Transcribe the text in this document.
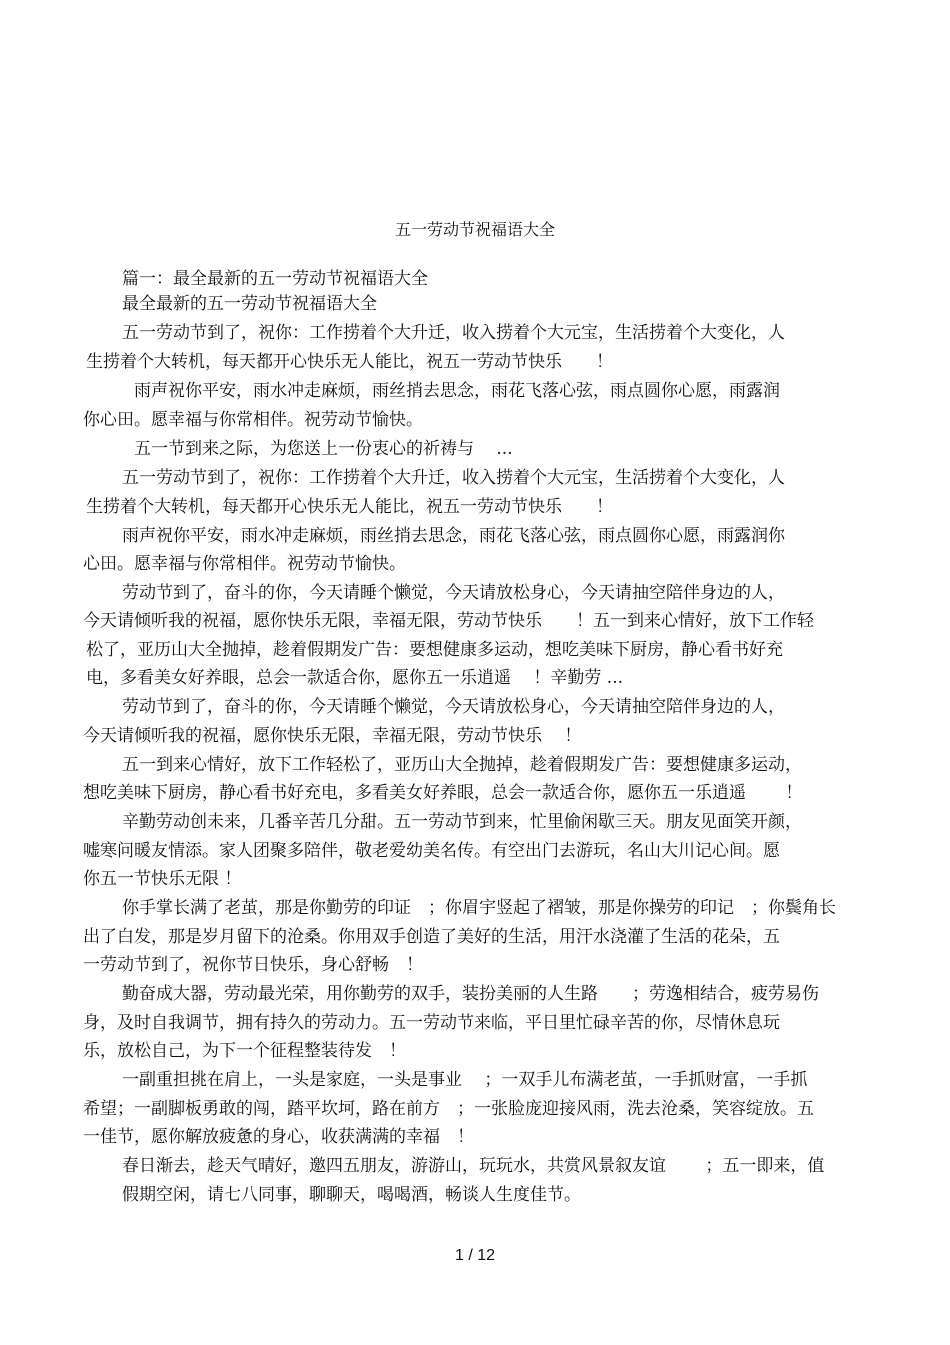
五一劳动节祝福语大全

篇一：最全最新的五一劳动节祝福语大全

最全最新的五一劳动节祝福语大全

五一劳动节到了，祝你：工作捞着个大升迁，收入捞着个大元宝，生活捞着个大变化，人

生捞着个大转机，每天都开心快乐无人能比，祝五一劳动节快乐　　！

雨声祝你平安，雨水冲走麻烦，雨丝捎去思念，雨花飞落心弦，雨点圆你心愿，雨露润

你心田。愿幸福与你常相伴。祝劳动节愉快。

五一节到来之际，为您送上一份衷心的祈祷与　 ...

五一劳动节到了，祝你：工作捞着个大升迁，收入捞着个大元宝，生活捞着个大变化，人

生捞着个大转机，每天都开心快乐无人能比，祝五一劳动节快乐　　！

雨声祝你平安，雨水冲走麻烦，雨丝捎去思念，雨花飞落心弦，雨点圆你心愿，雨露润你

心田。愿幸福与你常相伴。祝劳动节愉快。

劳动节到了，奋斗的你，今天请睡个懒觉，今天请放松身心，今天请抽空陪伴身边的人，

今天请倾听我的祝福，愿你快乐无限，幸福无限，劳动节快乐　　！五一到来心情好，放下工作轻

松了，亚历山大全抛掉，趁着假期发广告：要想健康多运动，想吃美味下厨房，静心看书好充

电，多看美女好养眼，总会一款适合你，愿你五一乐逍遥　 ！辛勤劳 ...

劳动节到了，奋斗的你，今天请睡个懒觉，今天请放松身心，今天请抽空陪伴身边的人，

今天请倾听我的祝福，愿你快乐无限，幸福无限，劳动节快乐　 ！

五一到来心情好，放下工作轻松了，亚历山大全抛掉，趁着假期发广告：要想健康多运动，

想吃美味下厨房，静心看书好充电，多看美女好养眼，总会一款适合你，愿你五一乐逍遥　　 ！

辛勤劳动创未来，几番辛苦几分甜。五一劳动节到来，忙里偷闲歇三天。朋友见面笑开颜，

嘘寒问暖友情添。家人团聚多陪伴，敬老爱幼美名传。有空出门去游玩，名山大川记心间。愿

你五一节快乐无限 ！

你手掌长满了老茧，那是你勤劳的印证　；你眉宇竖起了褶皱，那是你操劳的印记　；你鬓角长

出了白发，那是岁月留下的沧桑。你用双手创造了美好的生活，用汗水浇灌了生活的花朵，五

一劳动节到了，祝你节日快乐，身心舒畅　！

勤奋成大器，劳动最光荣，用你勤劳的双手，装扮美丽的人生路　　；劳逸相结合，疲劳易伤

身，及时自我调节，拥有持久的劳动力。五一劳动节来临，平日里忙碌辛苦的你，尽情休息玩

乐，放松自己，为下一个征程整装待发　！

一副重担挑在肩上，一头是家庭，一头是事业　 ；一双手儿布满老茧，一手抓财富，一手抓

希望；一副脚板勇敢的闯，踏平坎坷，路在前方　；一张脸庞迎接风雨，洗去沧桑，笑容绽放。五

一佳节，愿你解放疲惫的身心，收获满满的幸福　！

春日渐去，趁天气晴好，邀四五朋友，游游山，玩玩水，共赏风景叙友谊　　 ；五一即来，值

假期空闲，请七八同事，聊聊天，喝喝酒，畅谈人生度佳节。

1 / 12
